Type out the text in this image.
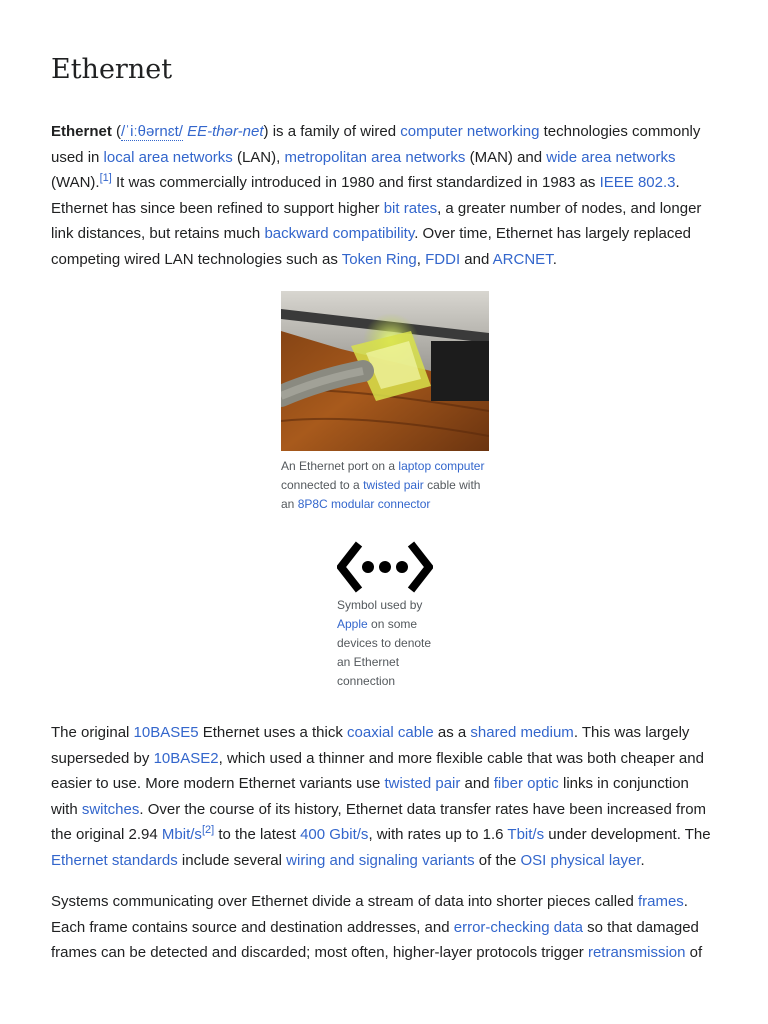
Ethernet

Ethernet (/ˈiːθərnɛt/ EE-thər-net) is a family of wired computer networking technologies commonly used in local area networks (LAN), metropolitan area networks (MAN) and wide area networks (WAN).[1] It was commercially introduced in 1980 and first standardized in 1983 as IEEE 802.3. Ethernet has since been refined to support higher bit rates, a greater number of nodes, and longer link distances, but retains much backward compatibility. Over time, Ethernet has largely replaced competing wired LAN technologies such as Token Ring, FDDI and ARCNET.

An Ethernet port on a laptop computer connected to a twisted pair cable with an 8P8C modular connector
Symbol used by Apple on some devices to denote an Ethernet connection

The original 10BASE5 Ethernet uses a thick coaxial cable as a shared medium. This was largely superseded by 10BASE2, which used a thinner and more flexible cable that was both cheaper and easier to use. More modern Ethernet variants use twisted pair and fiber optic links in conjunction with switches. Over the course of its history, Ethernet data transfer rates have been increased from the original 2.94 Mbit/s[2] to the latest 400 Gbit/s, with rates up to 1.6 Tbit/s under development. The Ethernet standards include several wiring and signaling variants of the OSI physical layer.

Systems communicating over Ethernet divide a stream of data into shorter pieces called frames. Each frame contains source and destination addresses, and error-checking data so that damaged frames can be detected and discarded; most often, higher-layer protocols trigger retransmission of
